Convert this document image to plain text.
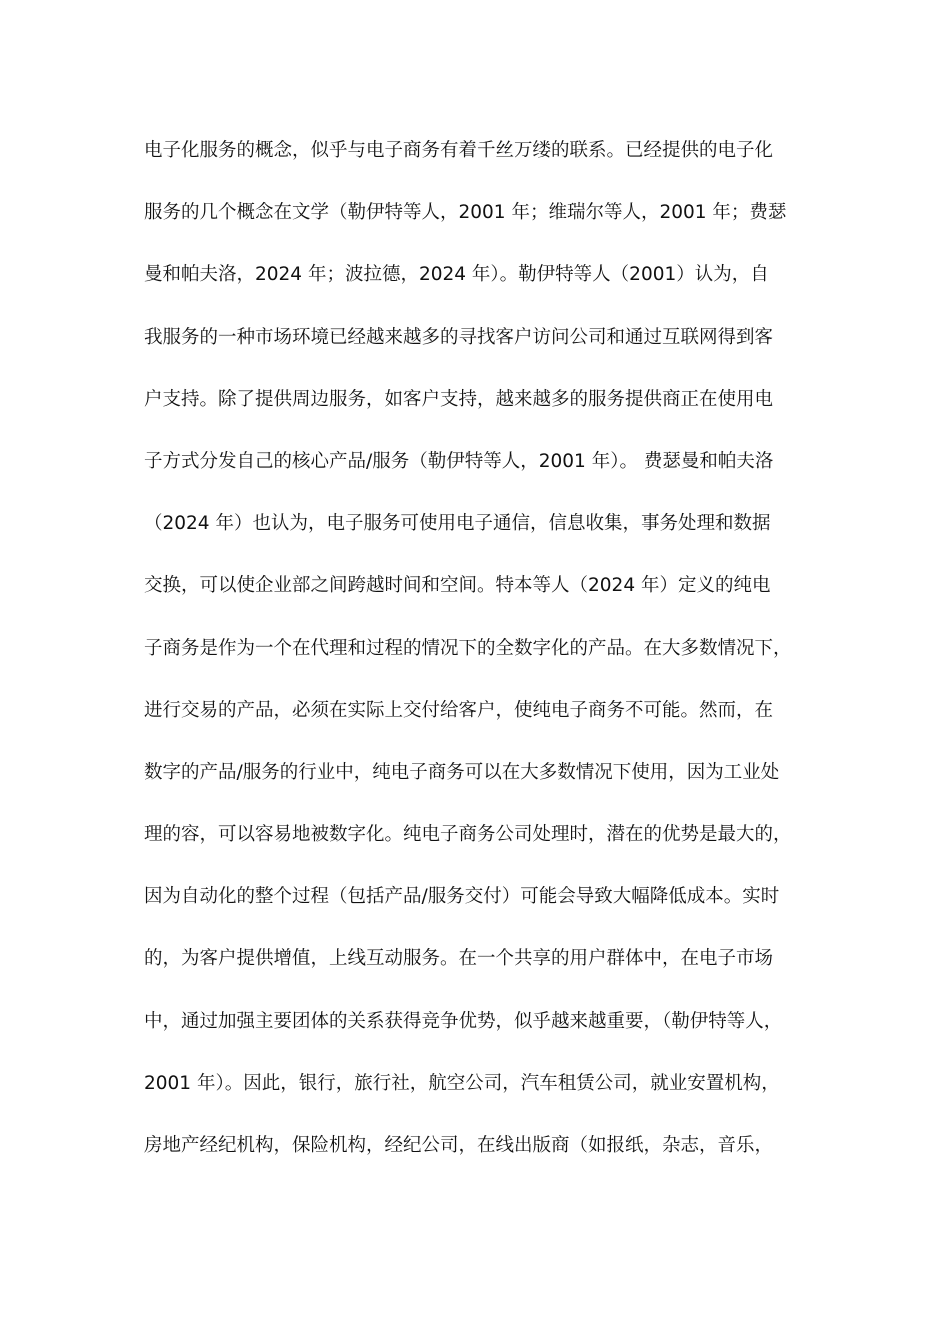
电子化服务的概念，似乎与电子商务有着千丝万缕的联系。已经提供的电子化
服务的几个概念在文学（勒伊特等人，2001 年；维瑞尔等人，2001 年；费瑟
曼和帕夫洛，2024 年；波拉德，2024 年）。勒伊特等人（2001）认为，自
我服务的一种市场环境已经越来越多的寻找客户访问公司和通过互联网得到客
户支持。除了提供周边服务，如客户支持，越来越多的服务提供商正在使用电
子方式分发自己的核心产品/服务（勒伊特等人，2001 年）。 费瑟曼和帕夫洛
（2024 年）也认为，电子服务可使用电子通信，信息收集，事务处理和数据
交换，可以使企业部之间跨越时间和空间。特本等人（2024 年）定义的纯电
子商务是作为一个在代理和过程的情况下的全数字化的产品。在大多数情况下，
进行交易的产品，必须在实际上交付给客户，使纯电子商务不可能。然而，在
数字的产品/服务的行业中，纯电子商务可以在大多数情况下使用，因为工业处
理的容，可以容易地被数字化。纯电子商务公司处理时，潜在的优势是最大的，
因为自动化的整个过程（包括产品/服务交付）可能会导致大幅降低成本。实时
的，为客户提供增值，上线互动服务。在一个共享的用户群体中，在电子市场
中，通过加强主要团体的关系获得竞争优势，似乎越来越重要，（勒伊特等人，
2001 年）。因此，银行，旅行社，航空公司，汽车租赁公司，就业安置机构，
房地产经纪机构，保险机构，经纪公司，在线出版商（如报纸，杂志，音乐，
